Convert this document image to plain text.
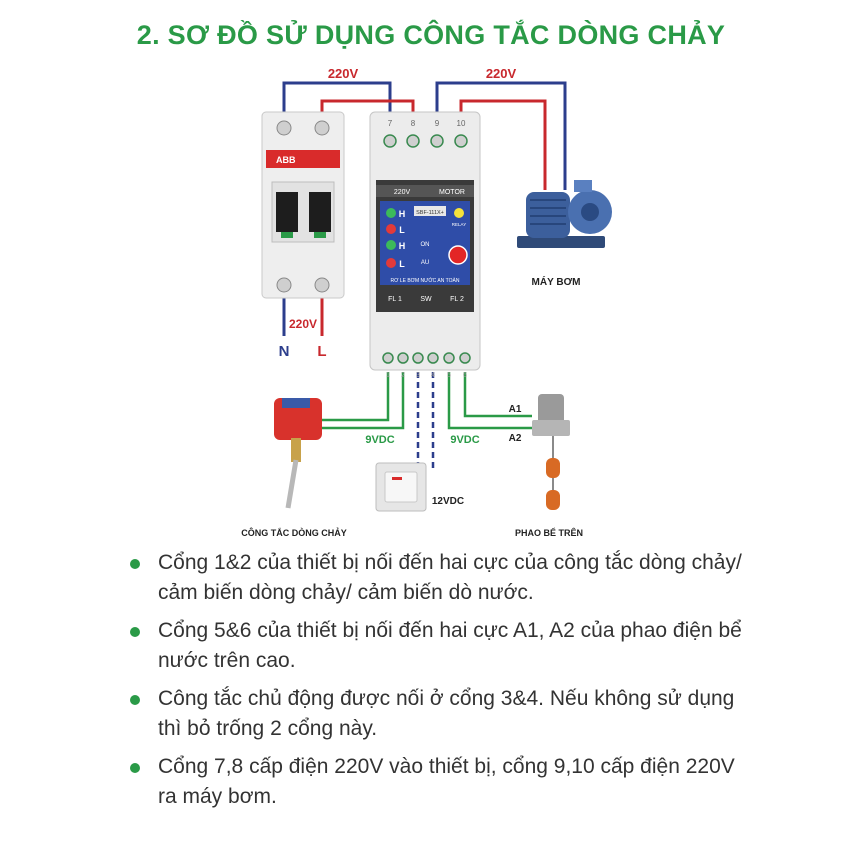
2. SƠ ĐỒ SỬ DỤNG CÔNG TẮC DÒNG CHẢY
220V	220V
ABB
220V
N L
220V	MOTOR
H
L
H
L
SBF-111X+
RELAY
ON
AU
RƠ LE BƠM NƯỚC AN TOÀN
FL 1	SW	FL 2
7 8 9 10
1 2 3 4 5 6
MÁY BƠM
9VDC
CÔNG TẮC DÒNG CHẢY
12VDC
A1
A2
9VDC
PHAO BỂ TRÊN
Cổng 1&2 của thiết bị nối đến hai cực của công tắc dòng chảy/ cảm biến dòng chảy/ cảm biến dò nước.
Cổng 5&6 của thiết bị nối đến hai cực A1, A2 của phao điện bể nước trên cao.
Công tắc chủ động được nối ở cổng 3&4. Nếu không sử dụng thì bỏ trống 2 cổng này.
Cổng 7,8 cấp điện 220V vào thiết bị, cổng 9,10 cấp điện 220V ra máy bơm.
